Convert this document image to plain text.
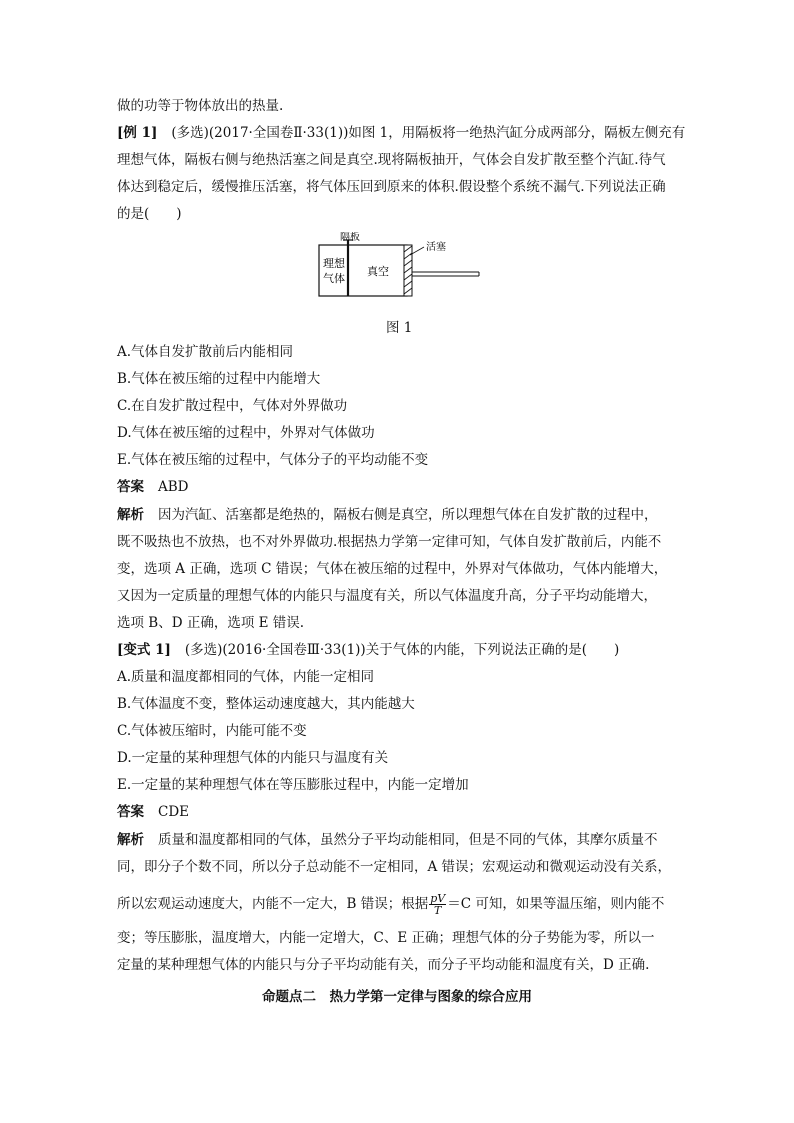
做的功等于物体放出的热量.
[例 1] (多选)(2017·全国卷Ⅱ·33(1))如图 1，用隔板将一绝热汽缸分成两部分，隔板左侧充有
理想气体，隔板右侧与绝热活塞之间是真空.现将隔板抽开，气体会自发扩散至整个汽缸.待气
体达到稳定后，缓慢推压活塞，将气体压回到原来的体积.假设整个系统不漏气.下列说法正确
的是(　　)
隔板
活塞
理想
气体
真空
图 1
A.气体自发扩散前后内能相同
B.气体在被压缩的过程中内能增大
C.在自发扩散过程中，气体对外界做功
D.气体在被压缩的过程中，外界对气体做功
E.气体在被压缩的过程中，气体分子的平均动能不变
答案 ABD
解析 因为汽缸、活塞都是绝热的，隔板右侧是真空，所以理想气体在自发扩散的过程中，
既不吸热也不放热，也不对外界做功.根据热力学第一定律可知，气体自发扩散前后，内能不
变，选项 A 正确，选项 C 错误；气体在被压缩的过程中，外界对气体做功，气体内能增大，
又因为一定质量的理想气体的内能只与温度有关，所以气体温度升高，分子平均动能增大，
选项 B、D 正确，选项 E 错误.
[变式 1] (多选)(2016·全国卷Ⅲ·33(1))关于气体的内能，下列说法正确的是(　　)
A.质量和温度都相同的气体，内能一定相同
B.气体温度不变，整体运动速度越大，其内能越大
C.气体被压缩时，内能可能不变
D.一定量的某种理想气体的内能只与温度有关
E.一定量的某种理想气体在等压膨胀过程中，内能一定增加
答案 CDE
解析 质量和温度都相同的气体，虽然分子平均动能相同，但是不同的气体，其摩尔质量不
同，即分子个数不同，所以分子总动能不一定相同，A 错误；宏观运动和微观运动没有关系，
所以宏观运动速度大，内能不一定大，B 错误；根据 $\frac{pV}{T} =C$ 可知，如果等温压缩，则内能不
变；等压膨胀，温度增大，内能一定增大，C、E 正确；理想气体的分子势能为零，所以一
定量的某种理想气体的内能只与分子平均动能有关，而分子平均动能和温度有关，D 正确.
命题点二　热力学第一定律与图象的综合应用
